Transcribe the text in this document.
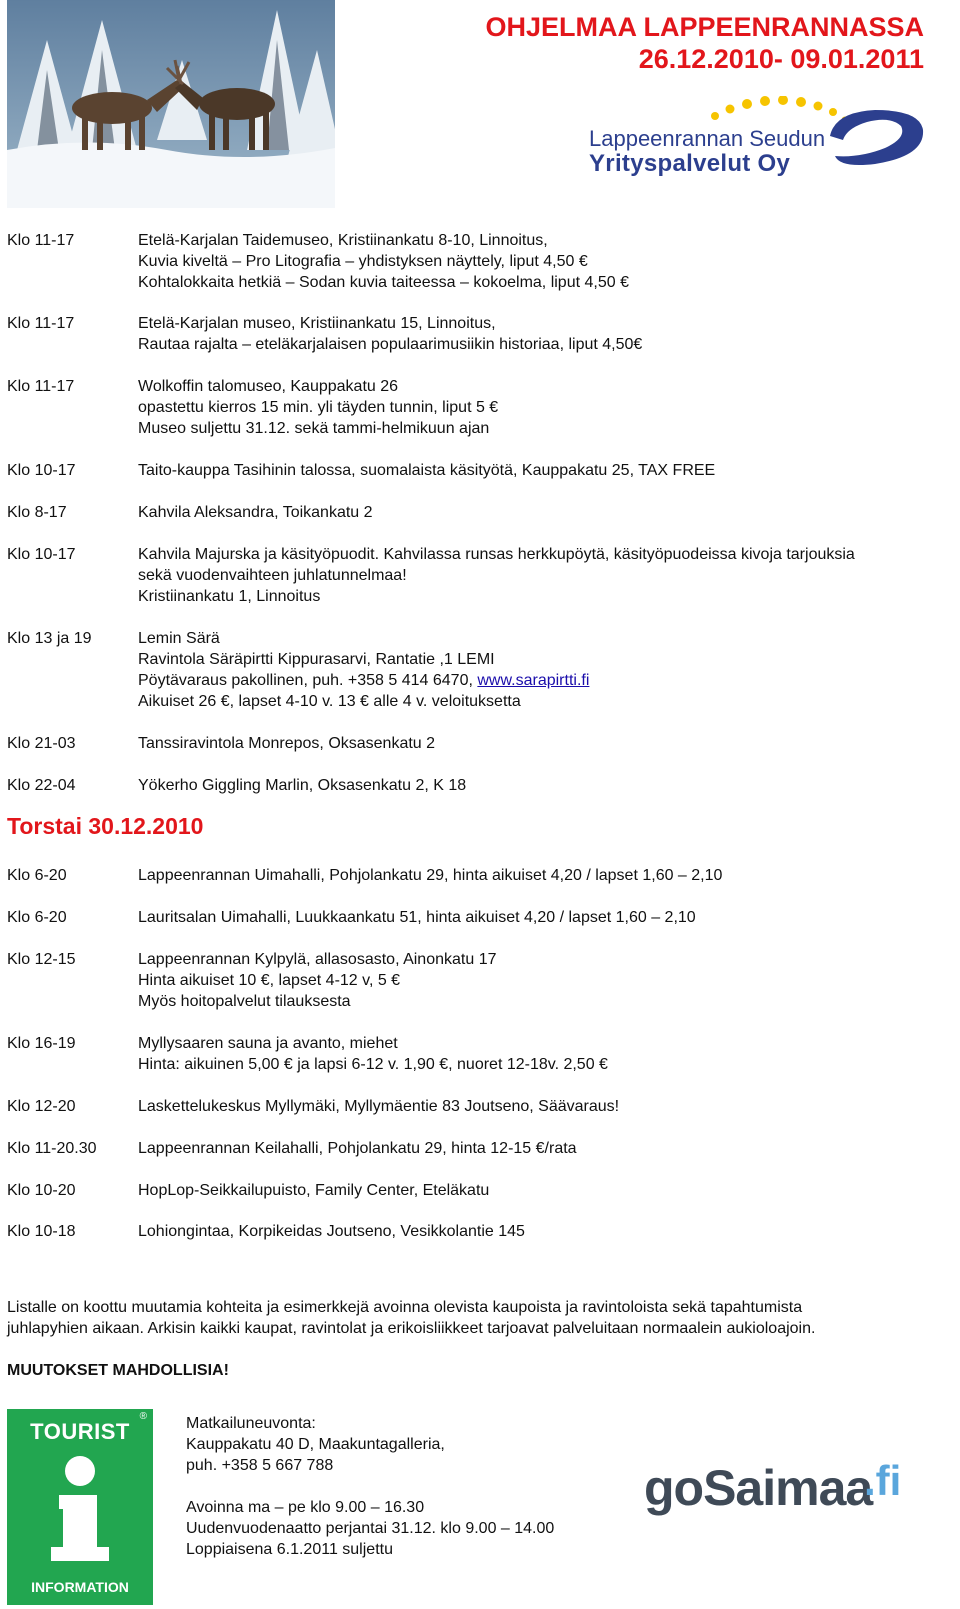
OHJELMAA LAPPEENRANNASSA
26.12.2010- 09.01.2011
Lappeenrannan Seudun
Yrityspalvelut Oy
Klo 11-17	Etelä-Karjalan Taidemuseo, Kristiinankatu 8-10, Linnoitus,
Kuvia kiveltä – Pro Litografia – yhdistyksen näyttely, liput 4,50 €
Kohtalokkaita hetkiä – Sodan kuvia taiteessa – kokoelma, liput 4,50 €
Klo 11-17	Etelä-Karjalan museo, Kristiinankatu 15, Linnoitus,
Rautaa rajalta – eteläkarjalaisen populaarimusiikin historiaa, liput 4,50€
Klo 11-17	Wolkoffin talomuseo, Kauppakatu 26
opastettu kierros 15 min. yli täyden tunnin, liput 5 €
Museo suljettu 31.12. sekä tammi-helmikuun ajan
Klo 10-17	Taito-kauppa Tasihinin talossa, suomalaista käsityötä, Kauppakatu 25, TAX FREE
Klo 8-17	Kahvila Aleksandra, Toikankatu 2
Klo 10-17	Kahvila Majurska ja käsityöpuodit. Kahvilassa runsas herkkupöytä, käsityöpuodeissa kivoja tarjouksia
sekä vuodenvaihteen juhlatunnelmaa!
Kristiinankatu 1, Linnoitus
Klo 13 ja 19	Lemin Särä
Ravintola Säräpirtti Kippurasarvi, Rantatie ,1 LEMI
Pöytävaraus pakollinen, puh. +358 5 414 6470, www.sarapirtti.fi
Aikuiset 26 €, lapset 4-10 v. 13 € alle 4 v. veloituksetta
Klo 21-03	Tanssiravintola Monrepos, Oksasenkatu 2
Klo 22-04	Yökerho Giggling Marlin, Oksasenkatu 2, K 18
Torstai 30.12.2010
Klo 6-20	Lappeenrannan Uimahalli, Pohjolankatu 29, hinta aikuiset 4,20 / lapset 1,60 – 2,10
Klo 6-20	Lauritsalan Uimahalli, Luukkaankatu 51, hinta aikuiset 4,20 / lapset 1,60 – 2,10
Klo 12-15	Lappeenrannan Kylpylä, allasosasto, Ainonkatu 17
Hinta aikuiset 10 €, lapset 4-12 v, 5 €
Myös hoitopalvelut tilauksesta
Klo 16-19	Myllysaaren sauna ja avanto, miehet
Hinta: aikuinen 5,00 € ja lapsi 6-12 v. 1,90 €, nuoret 12-18v. 2,50 €
Klo 12-20	Laskettelukeskus Myllymäki, Myllymäentie 83 Joutseno, Säävaraus!
Klo 11-20.30	Lappeenrannan Keilahalli, Pohjolankatu 29, hinta 12-15 €/rata
Klo 10-20	HopLop-Seikkailupuisto, Family Center, Eteläkatu
Klo 10-18	Lohiongintaa, Korpikeidas Joutseno, Vesikkolantie 145
Listalle on koottu muutamia kohteita ja esimerkkejä avoinna olevista kaupoista ja ravintoloista sekä tapahtumista
juhlapyhien aikaan. Arkisin kaikki kaupat, ravintolat ja erikoisliikkeet tarjoavat palveluitaan normaalein aukioloajoin.
MUUTOKSET MAHDOLLISIA!
TOURIST
®
INFORMATION
Matkailuneuvonta:
Kauppakatu 40 D, Maakuntagalleria,
puh. +358 5 667 788
Avoinna ma – pe klo 9.00 – 16.30
Uudenvuodenaatto perjantai 31.12. klo 9.00 – 14.00
Loppiaisena 6.1.2011 suljettu
goSaimaa
.fi
